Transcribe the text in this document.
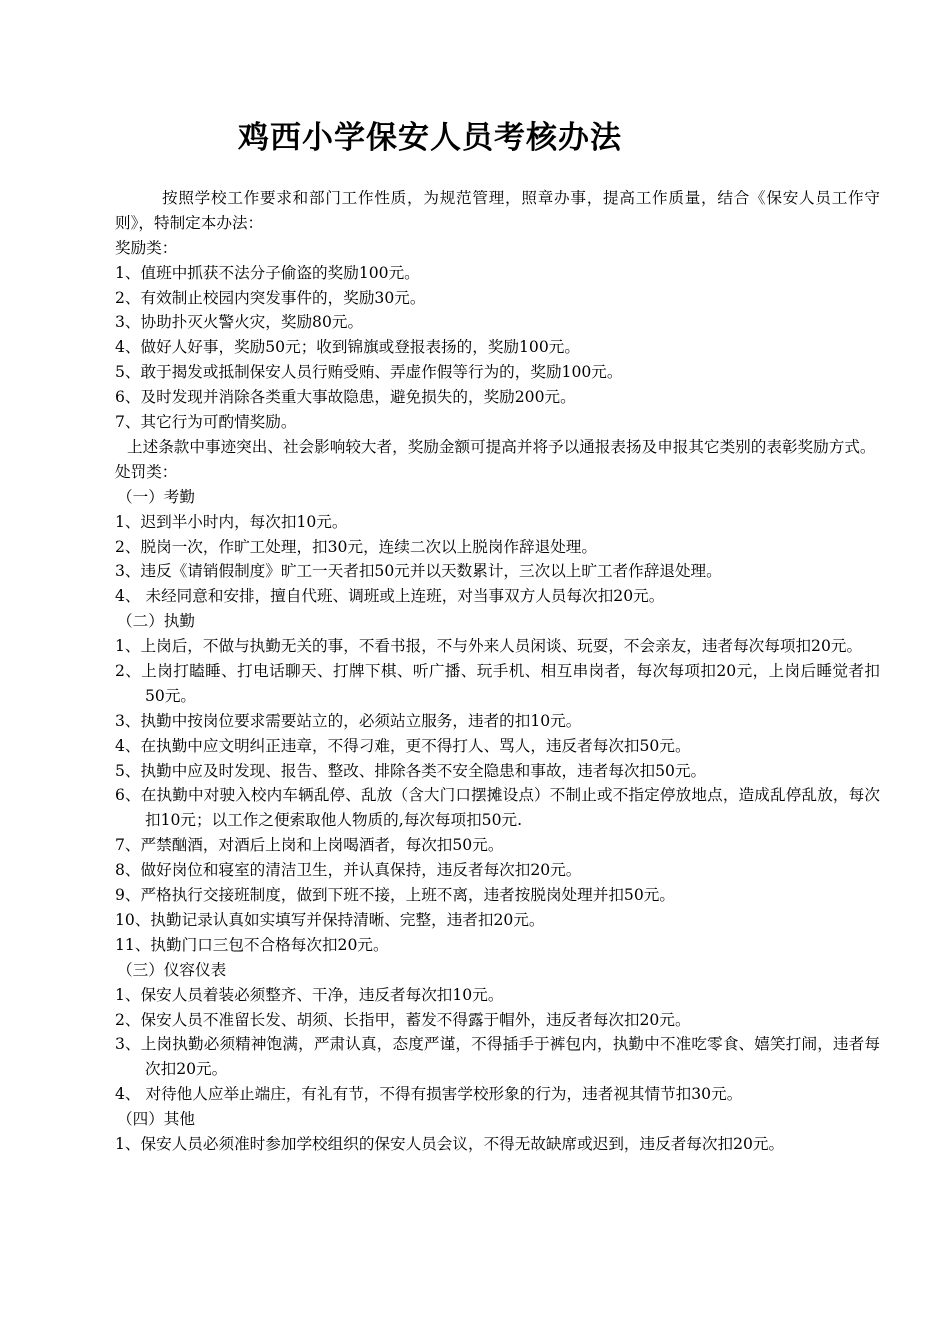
鸡西小学保安人员考核办法
按照学校工作要求和部门工作性质，为规范管理，照章办事，提高工作质量，结合《保安人员工作守则》，特制定本办法：
奖励类：
1、值班中抓获不法分子偷盗的奖励100元。
2、有效制止校园内突发事件的，奖励30元。
3、协助扑灭火警火灾，奖励80元。
4、做好人好事，奖励50元；收到锦旗或登报表扬的，奖励100元。
5、敢于揭发或抵制保安人员行贿受贿、弄虚作假等行为的，奖励100元。
6、及时发现并消除各类重大事故隐患，避免损失的，奖励200元。
7、其它行为可酌情奖励。
上述条款中事迹突出、社会影响较大者，奖励金额可提高并将予以通报表扬及申报其它类别的表彰奖励方式。
处罚类：
（一）考勤
1、迟到半小时内，每次扣10元。
2、脱岗一次，作旷工处理，扣30元，连续二次以上脱岗作辞退处理。
3、违反《请销假制度》旷工一天者扣50元并以天数累计，三次以上旷工者作辞退处理。
4、 未经同意和安排，擅自代班、调班或上连班，对当事双方人员每次扣20元。
（二）执勤
1、上岗后，不做与执勤无关的事，不看书报，不与外来人员闲谈、玩耍，不会亲友，违者每次每项扣20元。
2、上岗打瞌睡、打电话聊天、打牌下棋、听广播、玩手机、相互串岗者，每次每项扣20元，上岗后睡觉者扣50元。
3、执勤中按岗位要求需要站立的，必须站立服务，违者的扣10元。
4、在执勤中应文明纠正违章，不得刁难，更不得打人、骂人，违反者每次扣50元。
5、执勤中应及时发现、报告、整改、排除各类不安全隐患和事故，违者每次扣50元。
6、在执勤中对驶入校内车辆乱停、乱放（含大门口摆摊设点）不制止或不指定停放地点，造成乱停乱放，每次扣10元；以工作之便索取他人物质的,每次每项扣50元.
7、严禁酗酒，对酒后上岗和上岗喝酒者，每次扣50元。
8、做好岗位和寝室的清洁卫生，并认真保持，违反者每次扣20元。
9、严格执行交接班制度，做到下班不接，上班不离，违者按脱岗处理并扣50元。
10、执勤记录认真如实填写并保持清晰、完整，违者扣20元。
11、执勤门口三包不合格每次扣20元。
（三）仪容仪表
1、保安人员着装必须整齐、干净，违反者每次扣10元。
2、保安人员不准留长发、胡须、长指甲，蓄发不得露于帽外，违反者每次扣20元。
3、上岗执勤必须精神饱满，严肃认真，态度严谨，不得插手于裤包内，执勤中不准吃零食、嬉笑打闹，违者每次扣20元。
4、 对待他人应举止端庄，有礼有节，不得有损害学校形象的行为，违者视其情节扣30元。
（四）其他
1、保安人员必须准时参加学校组织的保安人员会议，不得无故缺席或迟到，违反者每次扣20元。
